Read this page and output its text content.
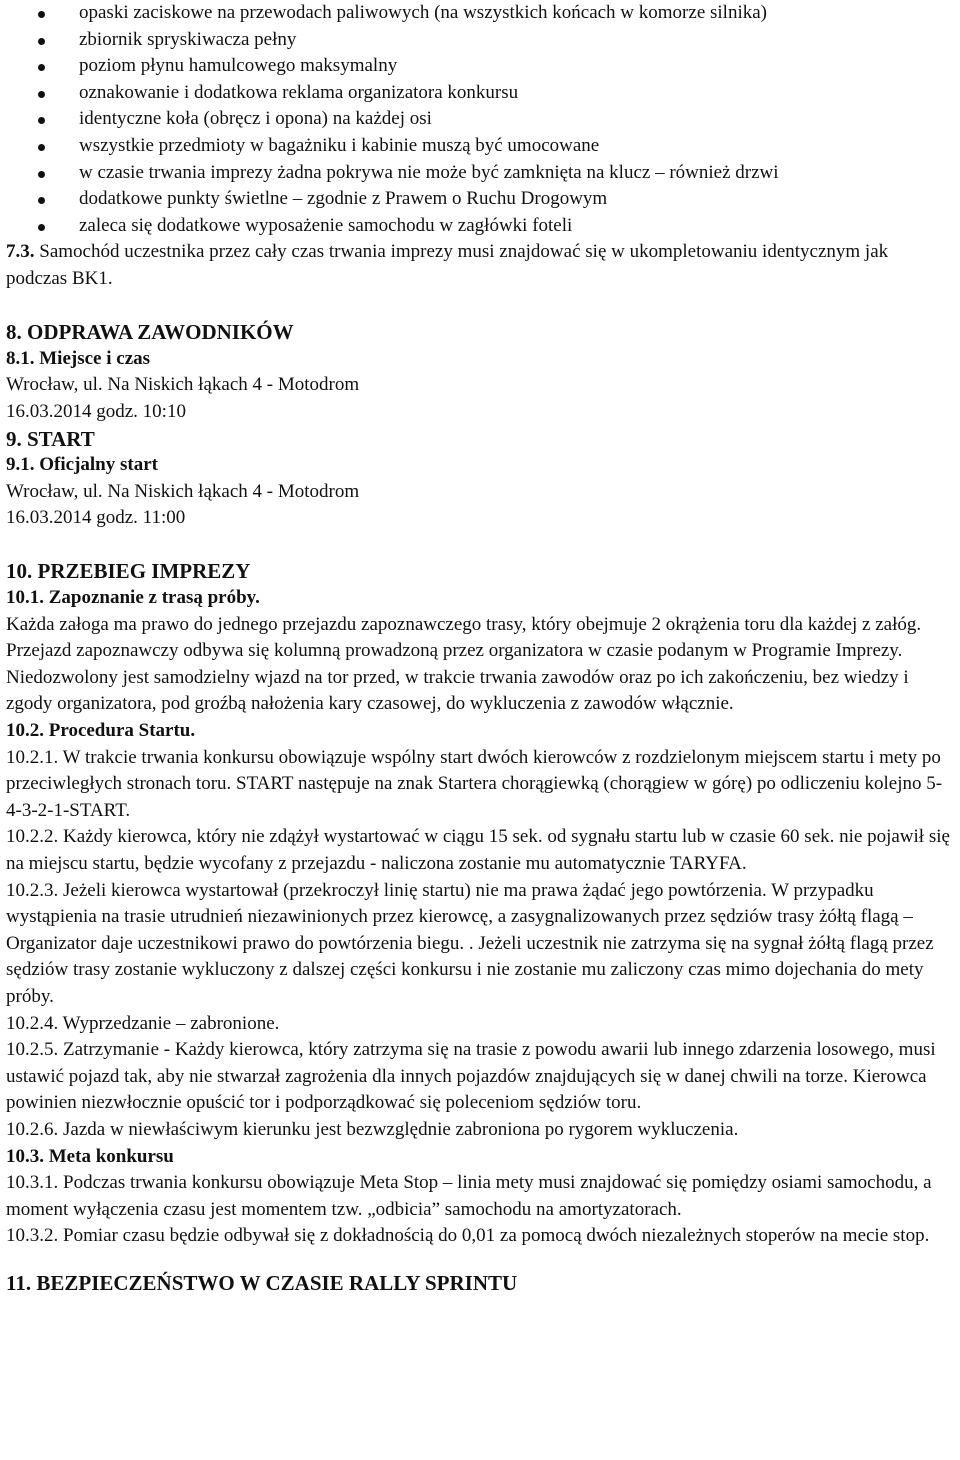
opaski zaciskowe na przewodach paliwowych (na wszystkich końcach w komorze silnika)
zbiornik spryskiwacza pełny
poziom płynu hamulcowego maksymalny
oznakowanie i dodatkowa reklama organizatora konkursu
identyczne koła (obręcz i opona) na każdej osi
wszystkie przedmioty w bagażniku i kabinie muszą być umocowane
w czasie trwania imprezy żadna pokrywa nie może być zamknięta na klucz – również drzwi
dodatkowe punkty świetlne – zgodnie z Prawem o Ruchu Drogowym
zaleca się dodatkowe wyposażenie samochodu w zagłówki foteli

7.3. Samochód uczestnika przez cały czas trwania imprezy musi znajdować się w ukompletowaniu identycznym jak podczas BK1.

8. ODPRAWA ZAWODNIKÓW

8.1. Miejsce i czas

Wrocław, ul. Na Niskich łąkach 4 - Motodrom

16.03.2014 godz. 10:10

9. START

9.1. Oficjalny start

Wrocław, ul. Na Niskich łąkach 4 - Motodrom

16.03.2014 godz. 11:00

10. PRZEBIEG IMPREZY

10.1. Zapoznanie z trasą próby.

Każda załoga ma prawo do jednego przejazdu zapoznawczego trasy, który obejmuje 2 okrążenia toru dla każdej z załóg. Przejazd zapoznawczy odbywa się kolumną prowadzoną przez organizatora w czasie podanym w Programie Imprezy. Niedozwolony jest samodzielny wjazd na tor przed, w trakcie trwania zawodów oraz po ich zakończeniu, bez wiedzy i zgody organizatora, pod groźbą nałożenia kary czasowej, do wykluczenia z zawodów włącznie.

10.2. Procedura Startu.

10.2.1. W trakcie trwania konkursu obowiązuje wspólny start dwóch kierowców z rozdzielonym miejscem startu i mety po przeciwległych stronach toru. START następuje na znak Startera chorągiewką (chorągiew w górę) po odliczeniu kolejno 5-4-3-2-1-START.

10.2.2. Każdy kierowca, który nie zdążył wystartować w ciągu 15 sek. od sygnału startu lub w czasie 60 sek. nie pojawił się na miejscu startu, będzie wycofany z przejazdu - naliczona zostanie mu automatycznie TARYFA.

10.2.3. Jeżeli kierowca wystartował (przekroczył linię startu) nie ma prawa żądać jego powtórzenia. W przypadku wystąpienia na trasie utrudnień niezawinionych przez kierowcę, a zasygnalizowanych przez sędziów trasy żółtą flagą – Organizator daje uczestnikowi prawo do powtórzenia biegu. . Jeżeli uczestnik nie zatrzyma się na sygnał żółtą flagą przez sędziów trasy zostanie wykluczony z dalszej części konkursu i nie zostanie mu zaliczony czas mimo dojechania do mety próby.

10.2.4. Wyprzedzanie – zabronione.

10.2.5. Zatrzymanie - Każdy kierowca, który zatrzyma się na trasie z powodu awarii lub innego zdarzenia losowego, musi ustawić pojazd tak, aby nie stwarzał zagrożenia dla innych pojazdów znajdujących się w danej chwili na torze. Kierowca powinien niezwłocznie opuścić tor i podporządkować się poleceniom sędziów toru.

10.2.6. Jazda w niewłaściwym kierunku jest bezwzględnie zabroniona po rygorem wykluczenia.

10.3. Meta konkursu

10.3.1. Podczas trwania konkursu obowiązuje Meta Stop – linia mety musi znajdować się pomiędzy osiami samochodu, a moment wyłączenia czasu jest momentem tzw. „odbicia” samochodu na amortyzatorach.

10.3.2. Pomiar czasu będzie odbywał się z dokładnością do 0,01 za pomocą dwóch niezależnych stoperów na mecie stop.

11. BEZPIECZEŃSTWO W CZASIE RALLY SPRINTU
